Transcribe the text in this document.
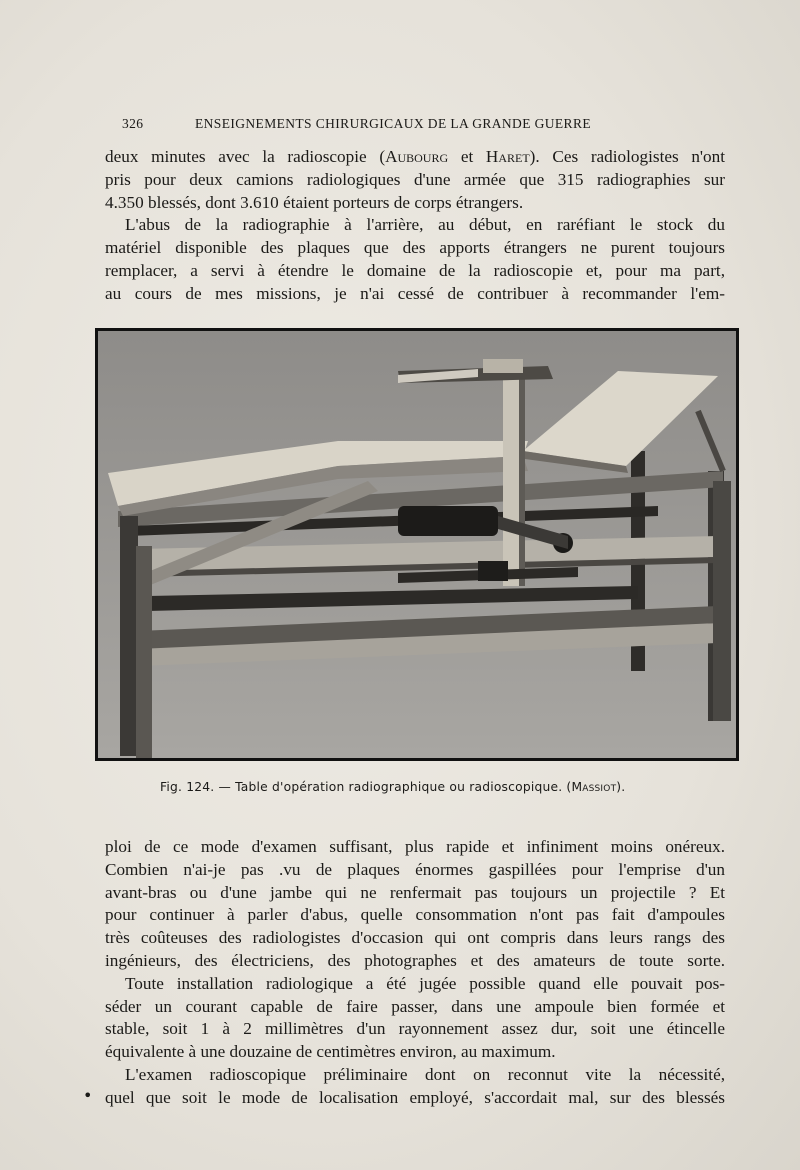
326	ENSEIGNEMENTS CHIRURGICAUX DE LA GRANDE GUERRE
deux minutes avec la radioscopie (Aubourg et Haret). Ces radiologistes n'ont
pris pour deux camions radiologiques d'une armée que 315 radiographies sur
4.350 blessés, dont 3.610 étaient porteurs de corps étrangers.
L'abus de la radiographie à l'arrière, au début, en raréfiant le stock du
matériel disponible des plaques que des apports étrangers ne purent toujours
remplacer, a servi à étendre le domaine de la radioscopie et, pour ma part,
au cours de mes missions, je n'ai cessé de contribuer à recommander l'em-
Fig. 124. — Table d'opération radiographique ou radioscopique. (Massiot).
ploi de ce mode d'examen suffisant, plus rapide et infiniment moins onéreux.
Combien n'ai-je pas .vu de plaques énormes gaspillées pour l'emprise d'un
avant-bras ou d'une jambe qui ne renfermait pas toujours un projectile ? Et
pour continuer à parler d'abus, quelle consommation n'ont pas fait d'ampoules
très coûteuses des radiologistes d'occasion qui ont compris dans leurs rangs des
ingénieurs, des électriciens, des photographes et des amateurs de toute sorte.
Toute installation radiologique a été jugée possible quand elle pouvait pos-
séder un courant capable de faire passer, dans une ampoule bien formée et
stable, soit 1 à 2 millimètres d'un rayonnement assez dur, soit une étincelle
équivalente à une douzaine de centimètres environ, au maximum.
L'examen radioscopique préliminaire dont on reconnut vite la nécessité,
quel que soit le mode de localisation employé, s'accordait mal, sur des blessés
•
